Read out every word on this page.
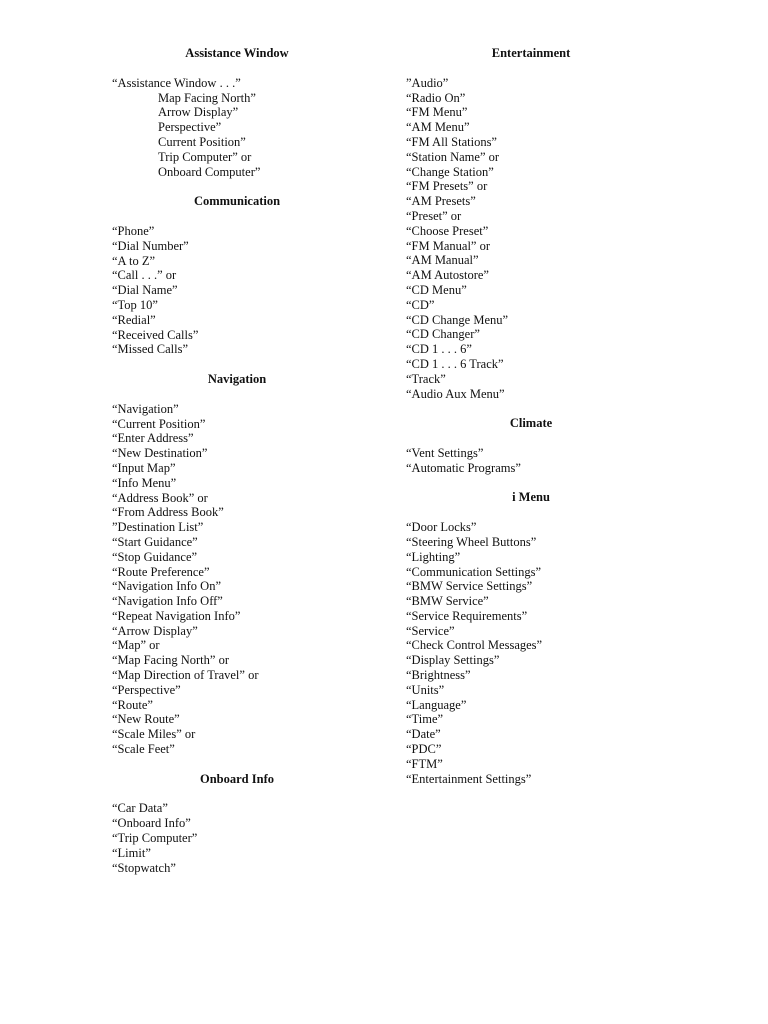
Assistance Window
“Assistance Window . . .”
Map Facing North”
Arrow Display”
Perspective”
Current Position”
Trip Computer” or
Onboard Computer”
Communication
“Phone”
“Dial Number”
“A to Z”
“Call . . .” or
“Dial Name”
“Top 10”
“Redial”
“Received Calls”
“Missed Calls”
Navigation
“Navigation”
“Current Position”
“Enter Address”
“New Destination”
“Input Map”
“Info Menu”
“Address Book” or
“From Address Book”
”Destination List”
“Start Guidance”
“Stop Guidance”
“Route Preference”
“Navigation Info On”
“Navigation Info Off”
“Repeat Navigation Info”
“Arrow Display”
“Map” or
“Map Facing North” or
“Map Direction of Travel” or
“Perspective”
“Route”
“New Route”
“Scale Miles” or
“Scale Feet”
Onboard Info
“Car Data”
“Onboard Info”
“Trip Computer”
“Limit”
“Stopwatch”
Entertainment
”Audio”
“Radio On”
“FM Menu”
“AM Menu”
“FM All Stations”
“Station Name” or
“Change Station”
“FM Presets” or
“AM Presets”
“Preset” or
“Choose Preset”
“FM Manual” or
“AM Manual”
“AM Autostore”
“CD Menu”
“CD”
“CD Change Menu”
“CD Changer”
“CD 1 . . . 6”
“CD 1 . . . 6 Track”
“Track”
“Audio Aux Menu”
Climate
“Vent Settings”
“Automatic Programs”
i Menu
“Door Locks”
“Steering Wheel Buttons”
“Lighting”
“Communication Settings”
“BMW Service Settings”
“BMW Service”
“Service Requirements”
“Service”
“Check Control Messages”
“Display Settings”
“Brightness”
“Units”
“Language”
“Time”
“Date”
“PDC”
“FTM”
“Entertainment Settings”
